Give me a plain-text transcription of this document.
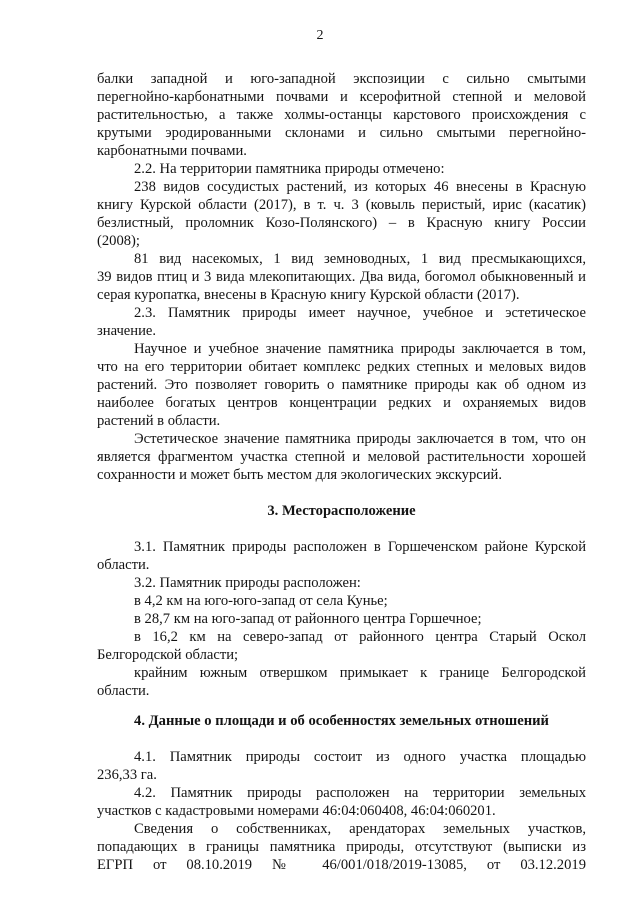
2
балки западной и юго-западной экспозиции с сильно смытыми
перегнойно-карбонатными почвами и ксерофитной степной и меловой
растительностью, а также холмы-останцы карстового происхождения с
крутыми эродированными склонами и сильно смытыми перегнойно-
карбонатными почвами.
2.2. На территории памятника природы отмечено:
238 видов сосудистых растений, из которых 46 внесены в Красную
книгу Курской области (2017), в т. ч. 3 (ковыль перистый, ирис (касатик)
безлистный, проломник Козо-Полянского) – в Красную книгу России
(2008);
81 вид насекомых, 1 вид земноводных, 1 вид пресмыкающихся,
39 видов птиц и 3 вида млекопитающих. Два вида, богомол обыкновенный и
серая куропатка, внесены в Красную книгу Курской области (2017).
2.3. Памятник природы имеет научное, учебное и эстетическое
значение.
Научное и учебное значение памятника природы заключается в том,
что на его территории обитает комплекс редких степных и меловых видов
растений. Это позволяет говорить о памятнике природы как об одном из
наиболее богатых центров концентрации редких и охраняемых видов
растений в области.
Эстетическое значение памятника природы заключается в том, что он
является фрагментом участка степной и меловой растительности хорошей
сохранности и может быть местом для экологических экскурсий.
3. Месторасположение
3.1. Памятник природы расположен в Горшеченском районе Курской
области.
3.2. Памятник природы расположен:
в 4,2 км на юго-юго-запад от села Кунье;
в 28,7 км на юго-запад от районного центра Горшечное;
в 16,2 км на северо-запад от районного центра Старый Оскол
Белгородской области;
крайним южным отвершком примыкает к границе Белгородской
области.
4. Данные о площади и об особенностях земельных отношений
4.1. Памятник природы состоит из одного участка площадью
236,33 га.
4.2. Памятник природы расположен на территории земельных
участков с кадастровыми номерами 46:04:060408, 46:04:060201.
Сведения о собственниках, арендаторах земельных участков,
попадающих в границы памятника природы, отсутствуют (выписки из
ЕГРП от 08.10.2019 № 46/001/018/2019-13085, от 03.12.2019
